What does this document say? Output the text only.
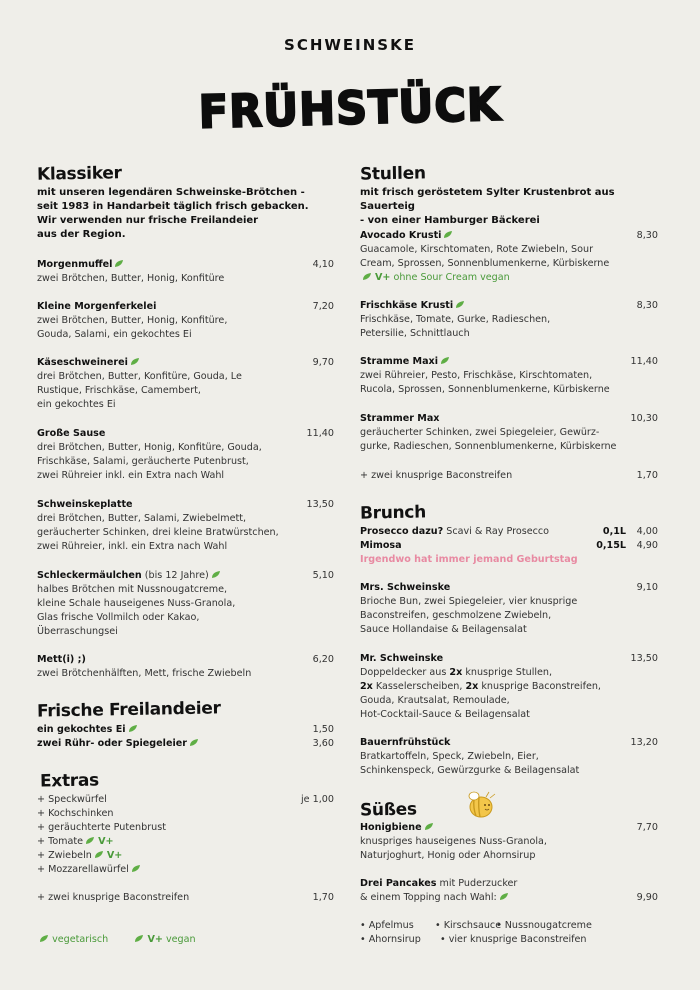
SCHWEINSKE
FRÜHSTÜCK
Klassiker
mit unseren legendären Schweinske-Brötchen -
seit 1983 in Handarbeit täglich frisch gebacken.
Wir verwenden nur frische Freilandeier
aus der Region.
Frische Freilandeier
Extras
vegetarisch	V+ vegan
Stullen
mit frisch geröstetem Sylter Krustenbrot aus Sauerteig
- von einer Hamburger Bäckerei
Brunch
Prosecco dazu? Scavi & Ray Prosecco	0,1L 4,00
Mimosa	0,15L 4,90
Irgendwo hat immer jemand Geburtstag
Süßes
• Apfelmus • Kirschsauce
• Nussnougatcreme
• Ahornsirup • vier knusprige Baconstreifen
Morgenmuffel	4,10
zwei Brötchen, Butter, Honig, Konfitüre
Kleine Morgenferkelei	7,20
zwei Brötchen, Butter, Honig, Konfitüre,
Gouda, Salami, ein gekochtes Ei
Käseschweinerei	9,70
drei Brötchen, Butter, Konfitüre, Gouda, Le
Rustique, Frischkäse, Camembert,
ein gekochtes Ei
Große Sause	11,40
drei Brötchen, Butter, Honig, Konfitüre, Gouda,
Frischkäse, Salami, geräucherte Putenbrust,
zwei Rühreier inkl. ein Extra nach Wahl
Schweinskeplatte	13,50
drei Brötchen, Butter, Salami, Zwiebelmett,
geräucherter Schinken, drei kleine Bratwürstchen,
zwei Rühreier, inkl. ein Extra nach Wahl
Schleckermäulchen (bis 12 Jahre)	5,10
halbes Brötchen mit Nussnougatcreme,
kleine Schale hauseigenes Nuss-Granola,
Glas frische Vollmilch oder Kakao,
Überraschungsei
Mett(i) ;)	6,20
zwei Brötchenhälften, Mett, frische Zwiebeln
ein gekochtes Ei	1,50
zwei Rühr- oder Spiegeleier	3,60
+ Speckwürfel	je 1,00
+ Kochschinken
+ geräuchterte Putenbrust
+ Tomate V+
+ Zwiebeln V+
+ Mozzarellawürfel
+ zwei knusprige Baconstreifen	1,70
Avocado Krusti	8,30
Guacamole, Kirschtomaten, Rote Zwiebeln, Sour
Cream, Sprossen, Sonnenblumenkerne, Kürbiskerne
V+ ohne Sour Cream vegan
Frischkäse Krusti	8,30
Frischkäse, Tomate, Gurke, Radieschen,
Petersilie, Schnittlauch
Stramme Maxi	11,40
zwei Rühreier, Pesto, Frischkäse, Kirschtomaten,
Rucola, Sprossen, Sonnenblumenkerne, Kürbiskerne
Strammer Max	10,30
geräucherter Schinken, zwei Spiegeleier, Gewürz-
gurke, Radieschen, Sonnenblumenkerne, Kürbiskerne
+ zwei knusprige Baconstreifen	1,70
Mrs. Schweinske	9,10
Brioche Bun, zwei Spiegeleier, vier knusprige
Baconstreifen, geschmolzene Zwiebeln,
Sauce Hollandaise & Beilagensalat
Mr. Schweinske	13,50
Doppeldecker aus 2x knusprige Stullen,
2x Kasselerscheiben, 2x knusprige Baconstreifen,
Gouda, Krautsalat, Remoulade,
Hot-Cocktail-Sauce & Beilagensalat
Bauernfrühstück	13,20
Bratkartoffeln, Speck, Zwiebeln, Eier,
Schinkenspeck, Gewürzgurke & Beilagensalat
Honigbiene	7,70
knuspriges hauseigenes Nuss-Granola,
Naturjoghurt, Honig oder Ahornsirup
Drei Pancakes mit Puderzucker
& einem Topping nach Wahl:	9,90
